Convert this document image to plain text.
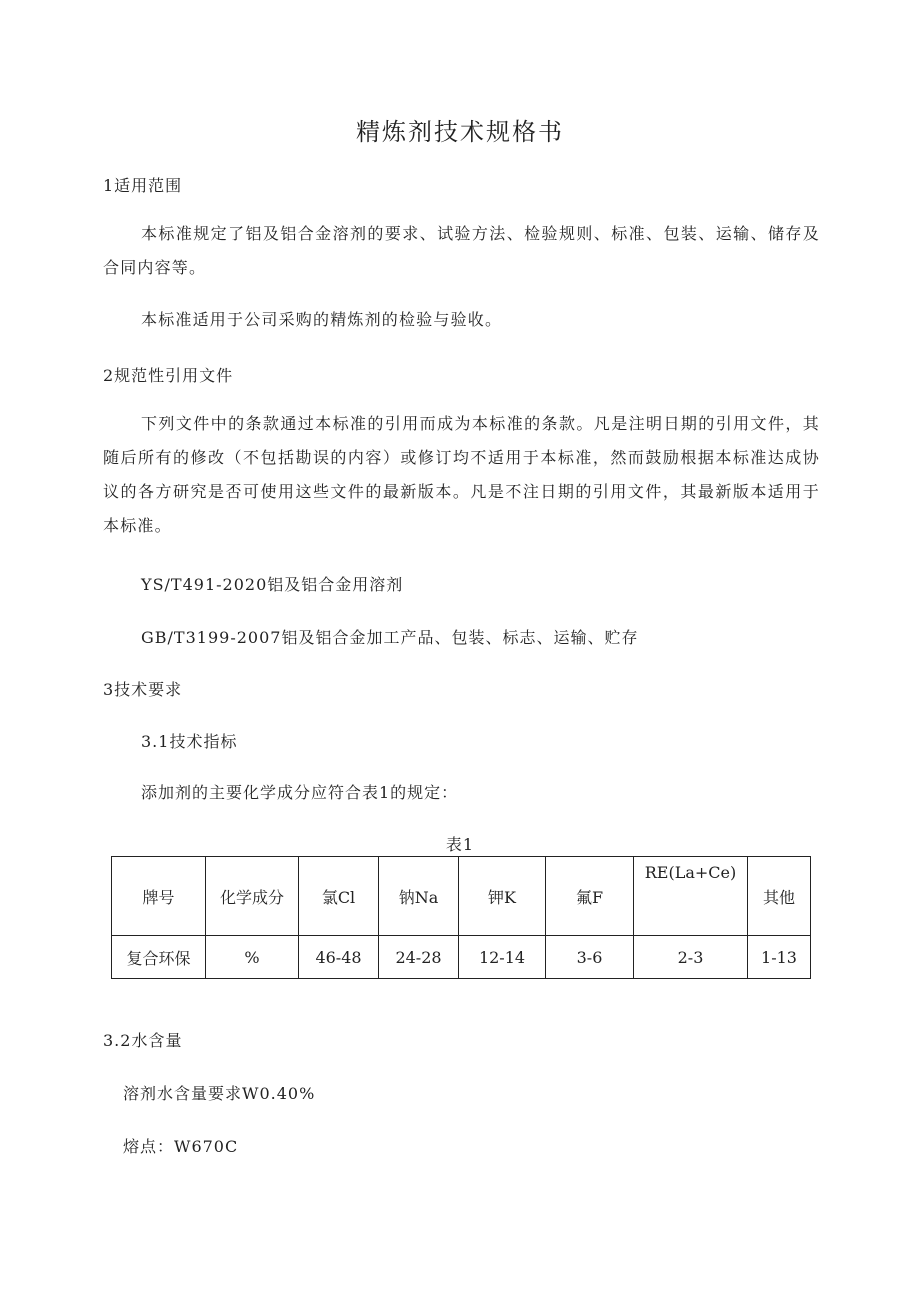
精炼剂技术规格书
1适用范围
本标准规定了铝及铝合金溶剂的要求、试验方法、检验规则、标准、包装、运输、储存及合同内容等。
本标准适用于公司采购的精炼剂的检验与验收。
2规范性引用文件
下列文件中的条款通过本标准的引用而成为本标准的条款。凡是注明日期的引用文件，其随后所有的修改（不包括勘误的内容）或修订均不适用于本标准，然而鼓励根据本标准达成协议的各方研究是否可使用这些文件的最新版本。凡是不注日期的引用文件，其最新版本适用于本标准。
YS/T491-2020铝及铝合金用溶剂
GB/T3199-2007铝及铝合金加工产品、包装、标志、运输、贮存
3技术要求
3.1技术指标
添加剂的主要化学成分应符合表1的规定：
表1
牌号	化学成分	氯Cl	钠Na	钾K	氟F	RE(La+Ce)	其他
复合环保	%	46-48	24-28	12-14	3-6	2-3	1-13
3.2水含量
溶剂水含量要求W0.40%
熔点：W670C
